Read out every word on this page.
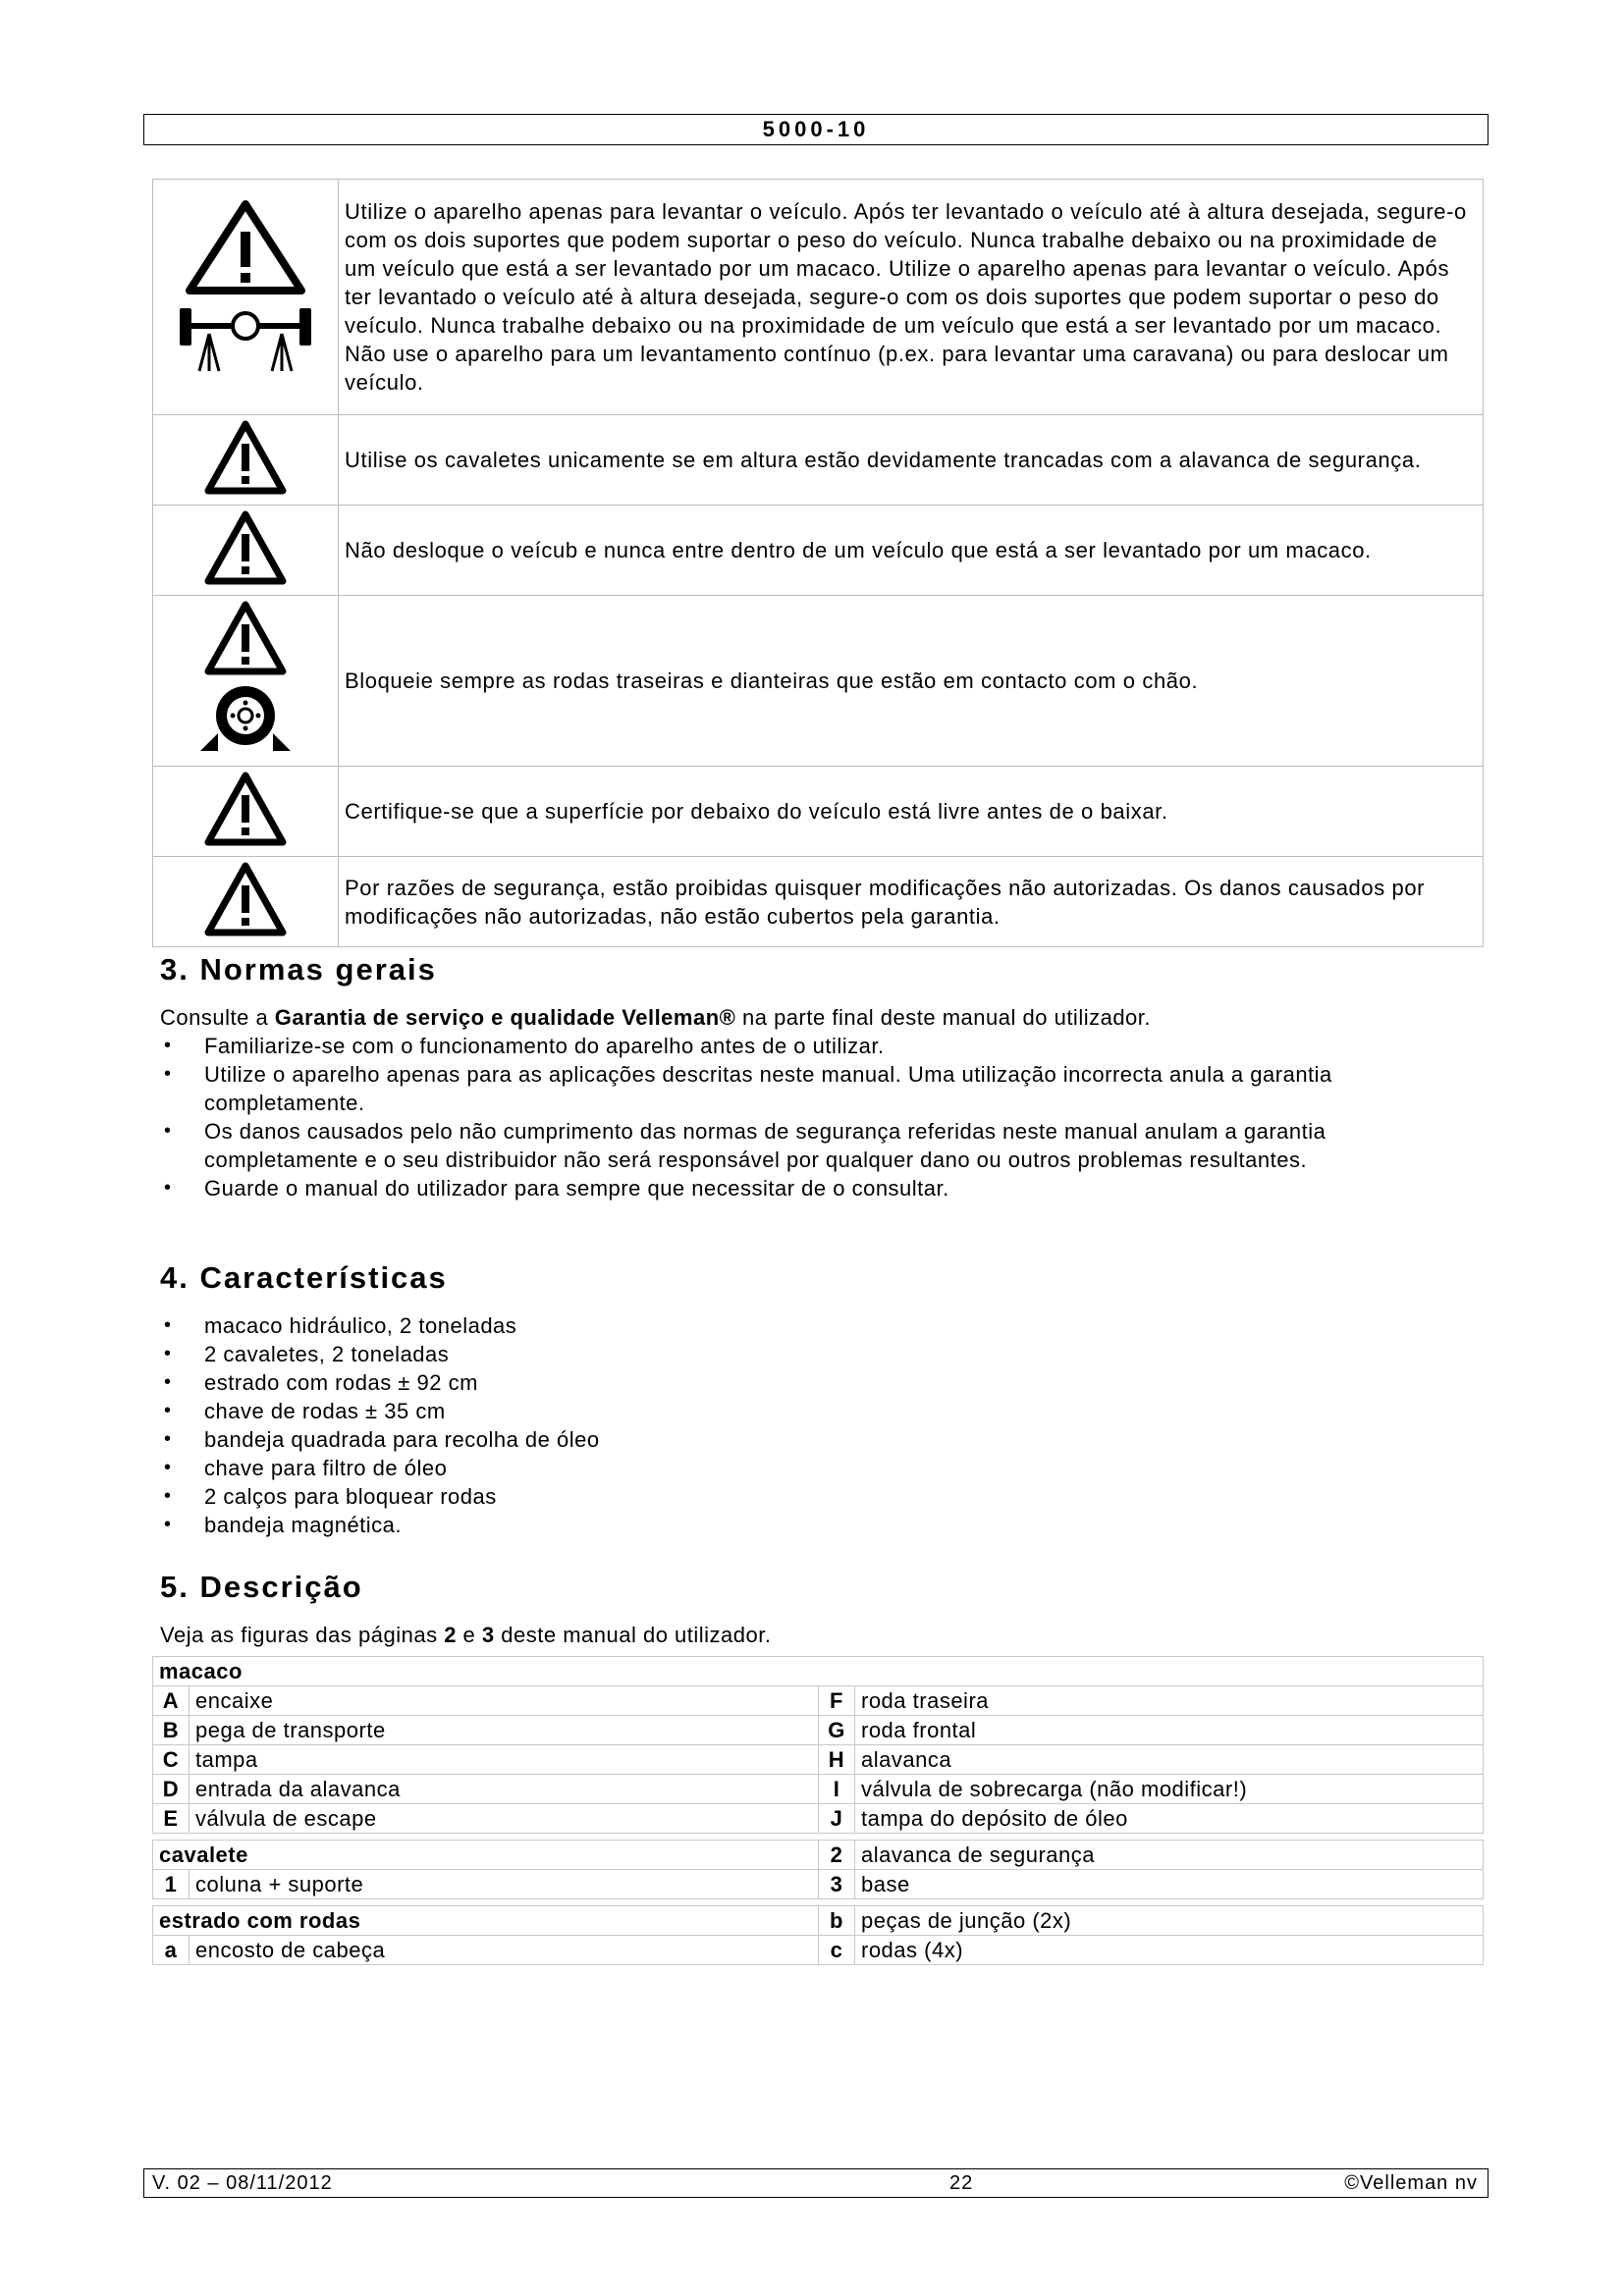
5000-10
	Utilize o aparelho apenas para levantar o veículo. Após ter levantado o veículo até à altura desejada, segure-o com os dois suportes que podem suportar o peso do veículo. Nunca trabalhe debaixo ou na proximidade de um veículo que está a ser levantado por um macaco. Utilize o aparelho apenas para levantar o veículo. Após ter levantado o veículo até à altura desejada, segure-o com os dois suportes que podem suportar o peso do veículo. Nunca trabalhe debaixo ou na proximidade de um veículo que está a ser levantado por um macaco. Não use o aparelho para um levantamento contínuo (p.ex. para levantar uma caravana) ou para deslocar um veículo.
	Utilise os cavaletes unicamente se em altura estão devidamente trancadas com a alavanca de segurança.
	Não desloque o veícub e nunca entre dentro de um veículo que está a ser levantado por um macaco.
	Bloqueie sempre as rodas traseiras e dianteiras que estão em contacto com o chão.
	Certifique-se que a superfície por debaixo do veículo está livre antes de o baixar.
	Por razões de segurança, estão proibidas quisquer modificações não autorizadas. Os danos causados por modificações não autorizadas, não estão cubertos pela garantia.
3. Normas gerais
Consulte a Garantia de serviço e qualidade Velleman® na parte final deste manual do utilizador.
• Familiarize-se com o funcionamento do aparelho antes de o utilizar.
• Utilize o aparelho apenas para as aplicações descritas neste manual. Uma utilização incorrecta anula a garantia completamente.
• Os danos causados pelo não cumprimento das normas de segurança referidas neste manual anulam a garantia completamente e o seu distribuidor não será responsável por qualquer dano ou outros problemas resultantes.
• Guarde o manual do utilizador para sempre que necessitar de o consultar.
4. Características
• macaco hidráulico, 2 toneladas
• 2 cavaletes, 2 toneladas
• estrado com rodas ± 92 cm
• chave de rodas ± 35 cm
• bandeja quadrada para recolha de óleo
• chave para filtro de óleo
• 2 calços para bloquear rodas
• bandeja magnética.
5. Descrição
Veja as figuras das páginas 2 e 3 deste manual do utilizador.
macaco			
A	encaixe	F	roda traseira
B	pega de transporte	G	roda frontal
C	tampa	H	alavanca
D	entrada da alavanca	I	válvula de sobrecarga (não modificar!)
E	válvula de escape	J	tampa do depósito de óleo

cavalete		2	alavanca de segurança
1	coluna + suporte	3	base

estrado com rodas		b	peças de junção (2x)
a	encosto de cabeça	c	rodas (4x)
V. 02 – 08/11/2012	22	©Velleman nv
